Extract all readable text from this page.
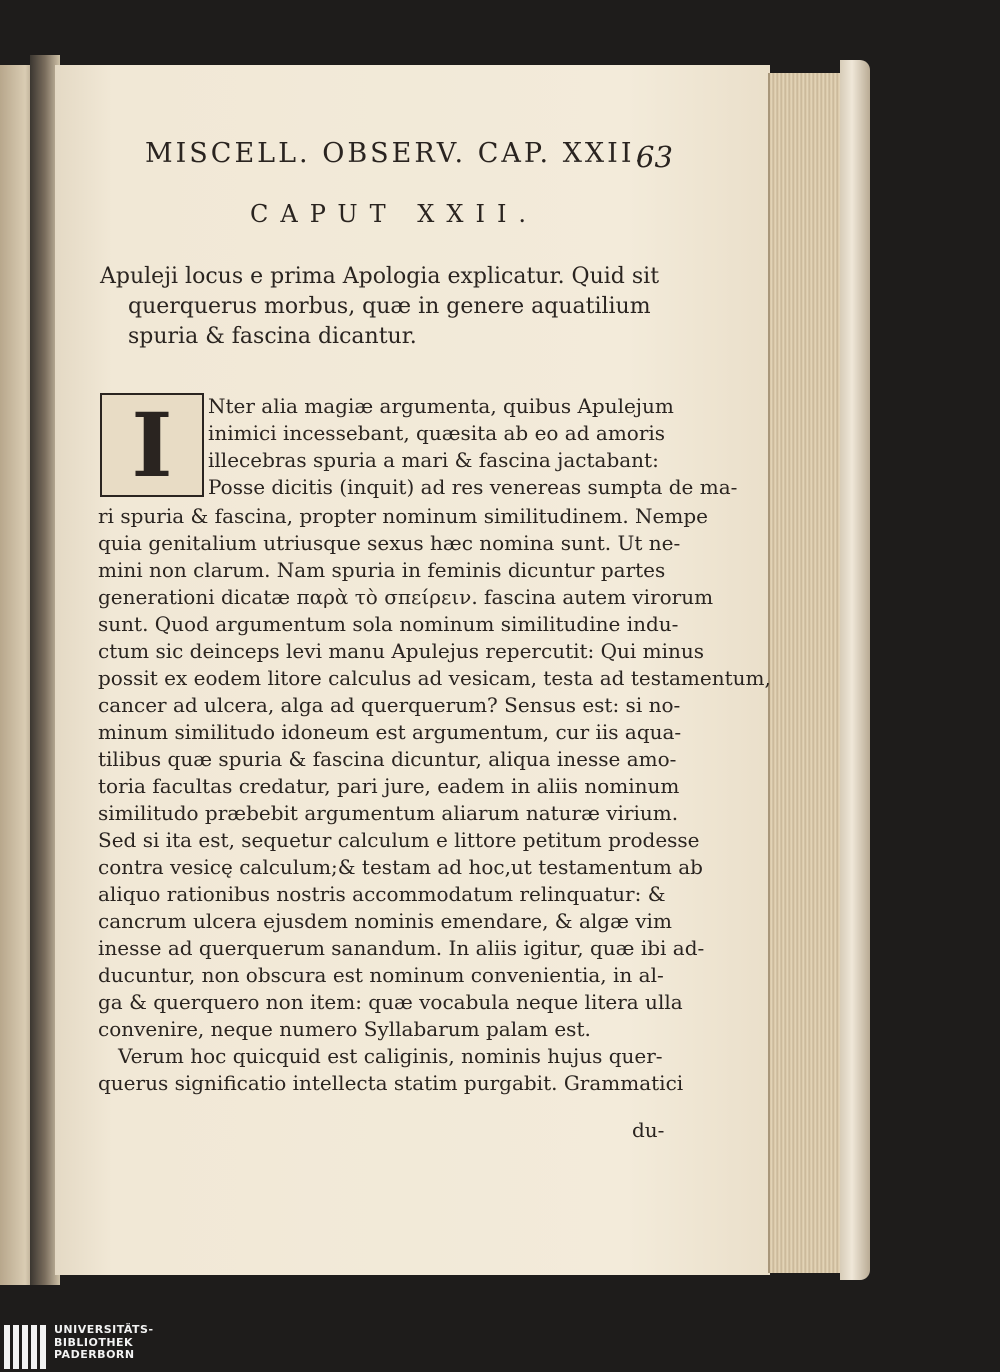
MISCELL. OBSERV. CAP. XXII.
63
CAPUT XXII.
Apuleji locus e prima Apologia explicatur. Quid sit
querquerus morbus, quæ in genere aquatilium
spuria & fascina dicantur.
I	Nter alia magiæ argumenta, quibus Apulejum
inimici incessebant, quæsita ab eo ad amoris
illecebras spuria a mari & fascina jactabant:
Posse dicitis (inquit) ad res venereas sumpta de ma-
ri spuria & fascina, propter nominum similitudinem. Nempe
quia genitalium utriusque sexus hæc nomina sunt. Ut ne-
mini non clarum. Nam spuria in feminis dicuntur partes
generationi dicatæ παρὰ τὸ σπείρειν. fascina autem virorum
sunt. Quod argumentum sola nominum similitudine indu-
ctum sic deinceps levi manu Apulejus repercutit: Qui minus
possit ex eodem litore calculus ad vesicam, testa ad testamentum,
cancer ad ulcera, alga ad querquerum? Sensus est: si no-
minum similitudo idoneum est argumentum, cur iis aqua-
tilibus quæ spuria & fascina dicuntur, aliqua inesse amo-
toria facultas credatur, pari jure, eadem in aliis nominum
similitudo præbebit argumentum aliarum naturæ virium.
Sed si ita est, sequetur calculum e littore petitum prodesse
contra vesicę calculum;& testam ad hoc,ut testamentum ab
aliquo rationibus nostris accommodatum relinquatur: &
cancrum ulcera ejusdem nominis emendare, & algæ vim
inesse ad querquerum sanandum. In aliis igitur, quæ ibi ad-
ducuntur, non obscura est nominum convenientia, in al-
ga & querquero non item: quæ vocabula neque litera ulla
convenire, neque numero Syllabarum palam est.
Verum hoc quicquid est caliginis, nominis hujus quer-
querus significatio intellecta statim purgabit. Grammatici
du-
UNIVERSITÄTS-
BIBLIOTHEK
PADERBORN
